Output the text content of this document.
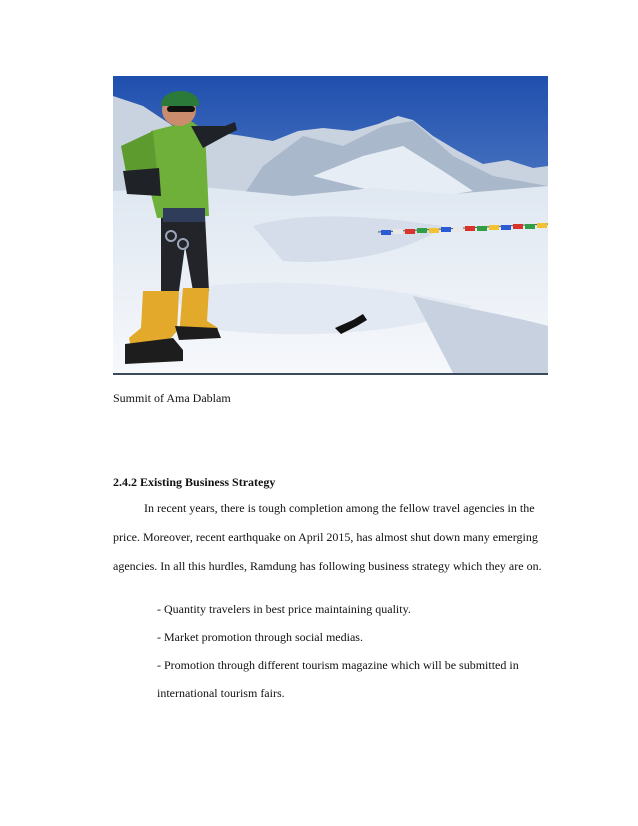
Summit of Ama Dablam
2.4.2 Existing Business Strategy
In recent years, there is tough completion among the fellow travel agencies in the
price. Moreover, recent earthquake on April 2015, has almost shut down many emerging
agencies. In all this hurdles, Ramdung has following business strategy which they are on.
- Quantity travelers in best price maintaining quality.
- Market promotion through social medias.
- Promotion through different tourism magazine which will be submitted in
international tourism fairs.
